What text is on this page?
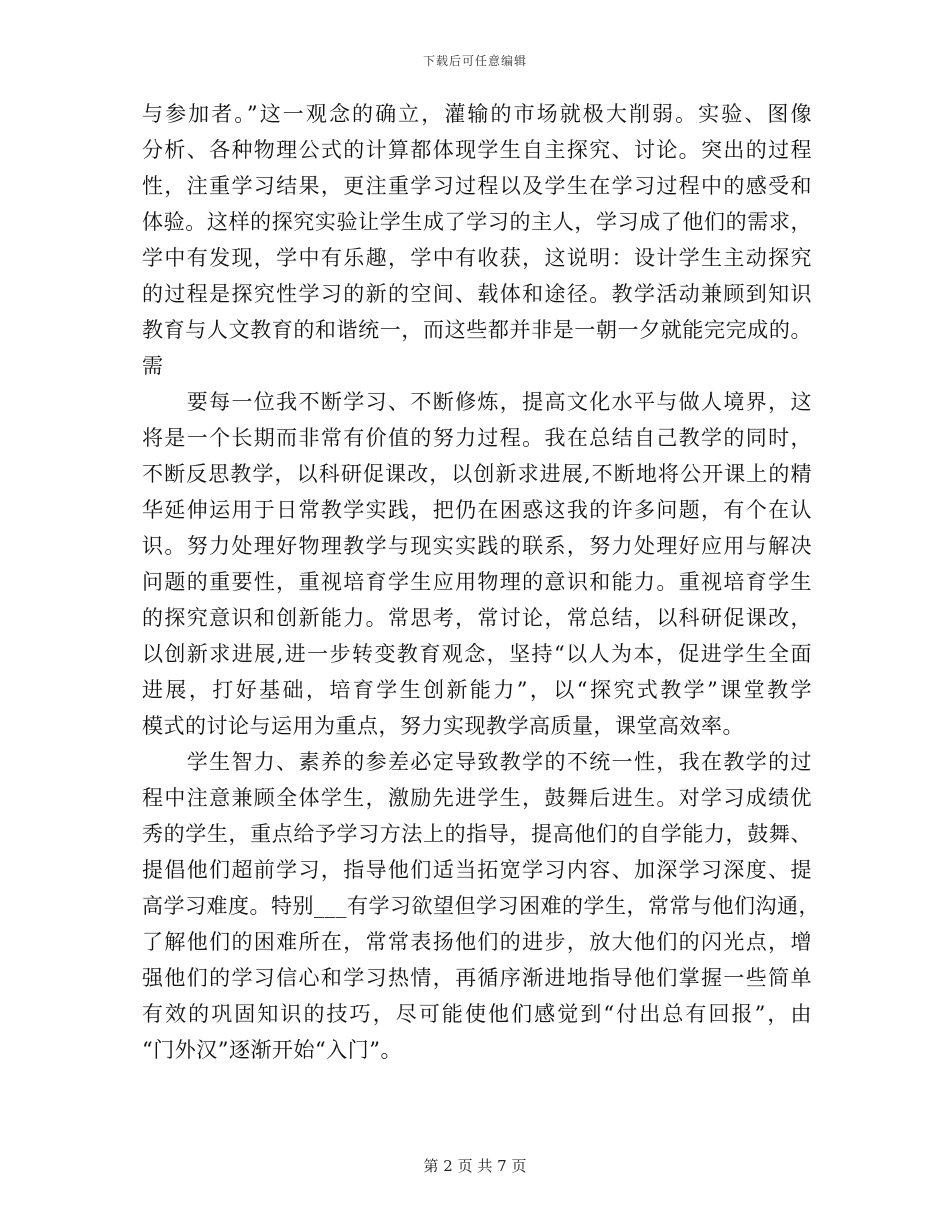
下载后可任意编辑
与参加者。”这一观念的确立，灌输的市场就极大削弱。实验、图像
分析、各种物理公式的计算都体现学生自主探究、讨论。突出的过程
性，注重学习结果，更注重学习过程以及学生在学习过程中的感受和
体验。这样的探究实验让学生成了学习的主人，学习成了他们的需求，
学中有发现，学中有乐趣，学中有收获，这说明：设计学生主动探究
的过程是探究性学习的新的空间、载体和途径。教学活动兼顾到知识
教育与人文教育的和谐统一，而这些都并非是一朝一夕就能完完成的。
需
　　要每一位我不断学习、不断修炼，提高文化水平与做人境界，这
将是一个长期而非常有价值的努力过程。我在总结自己教学的同时，
不断反思教学，以科研促课改，以创新求进展,不断地将公开课上的精
华延伸运用于日常教学实践，把仍在困惑这我的许多问题，有个在认
识。努力处理好物理教学与现实实践的联系，努力处理好应用与解决
问题的重要性，重视培育学生应用物理的意识和能力。重视培育学生
的探究意识和创新能力。常思考，常讨论，常总结，以科研促课改，
以创新求进展,进一步转变教育观念，坚持“以人为本，促进学生全面
进展，打好基础，培育学生创新能力”，以“探究式教学”课堂教学
模式的讨论与运用为重点，努力实现教学高质量，课堂高效率。
　　学生智力、素养的参差必定导致教学的不统一性，我在教学的过
程中注意兼顾全体学生，激励先进学生，鼓舞后进生。对学习成绩优
秀的学生，重点给予学习方法上的指导，提高他们的自学能力，鼓舞、
提倡他们超前学习，指导他们适当拓宽学习内容、加深学习深度、提
高学习难度。特别___有学习欲望但学习困难的学生，常常与他们沟通，
了解他们的困难所在，常常表扬他们的进步，放大他们的闪光点，增
强他们的学习信心和学习热情，再循序渐进地指导他们掌握一些简单
有效的巩固知识的技巧，尽可能使他们感觉到“付出总有回报”，由
“门外汉”逐渐开始“入门”。
第 2 页 共 7 页
